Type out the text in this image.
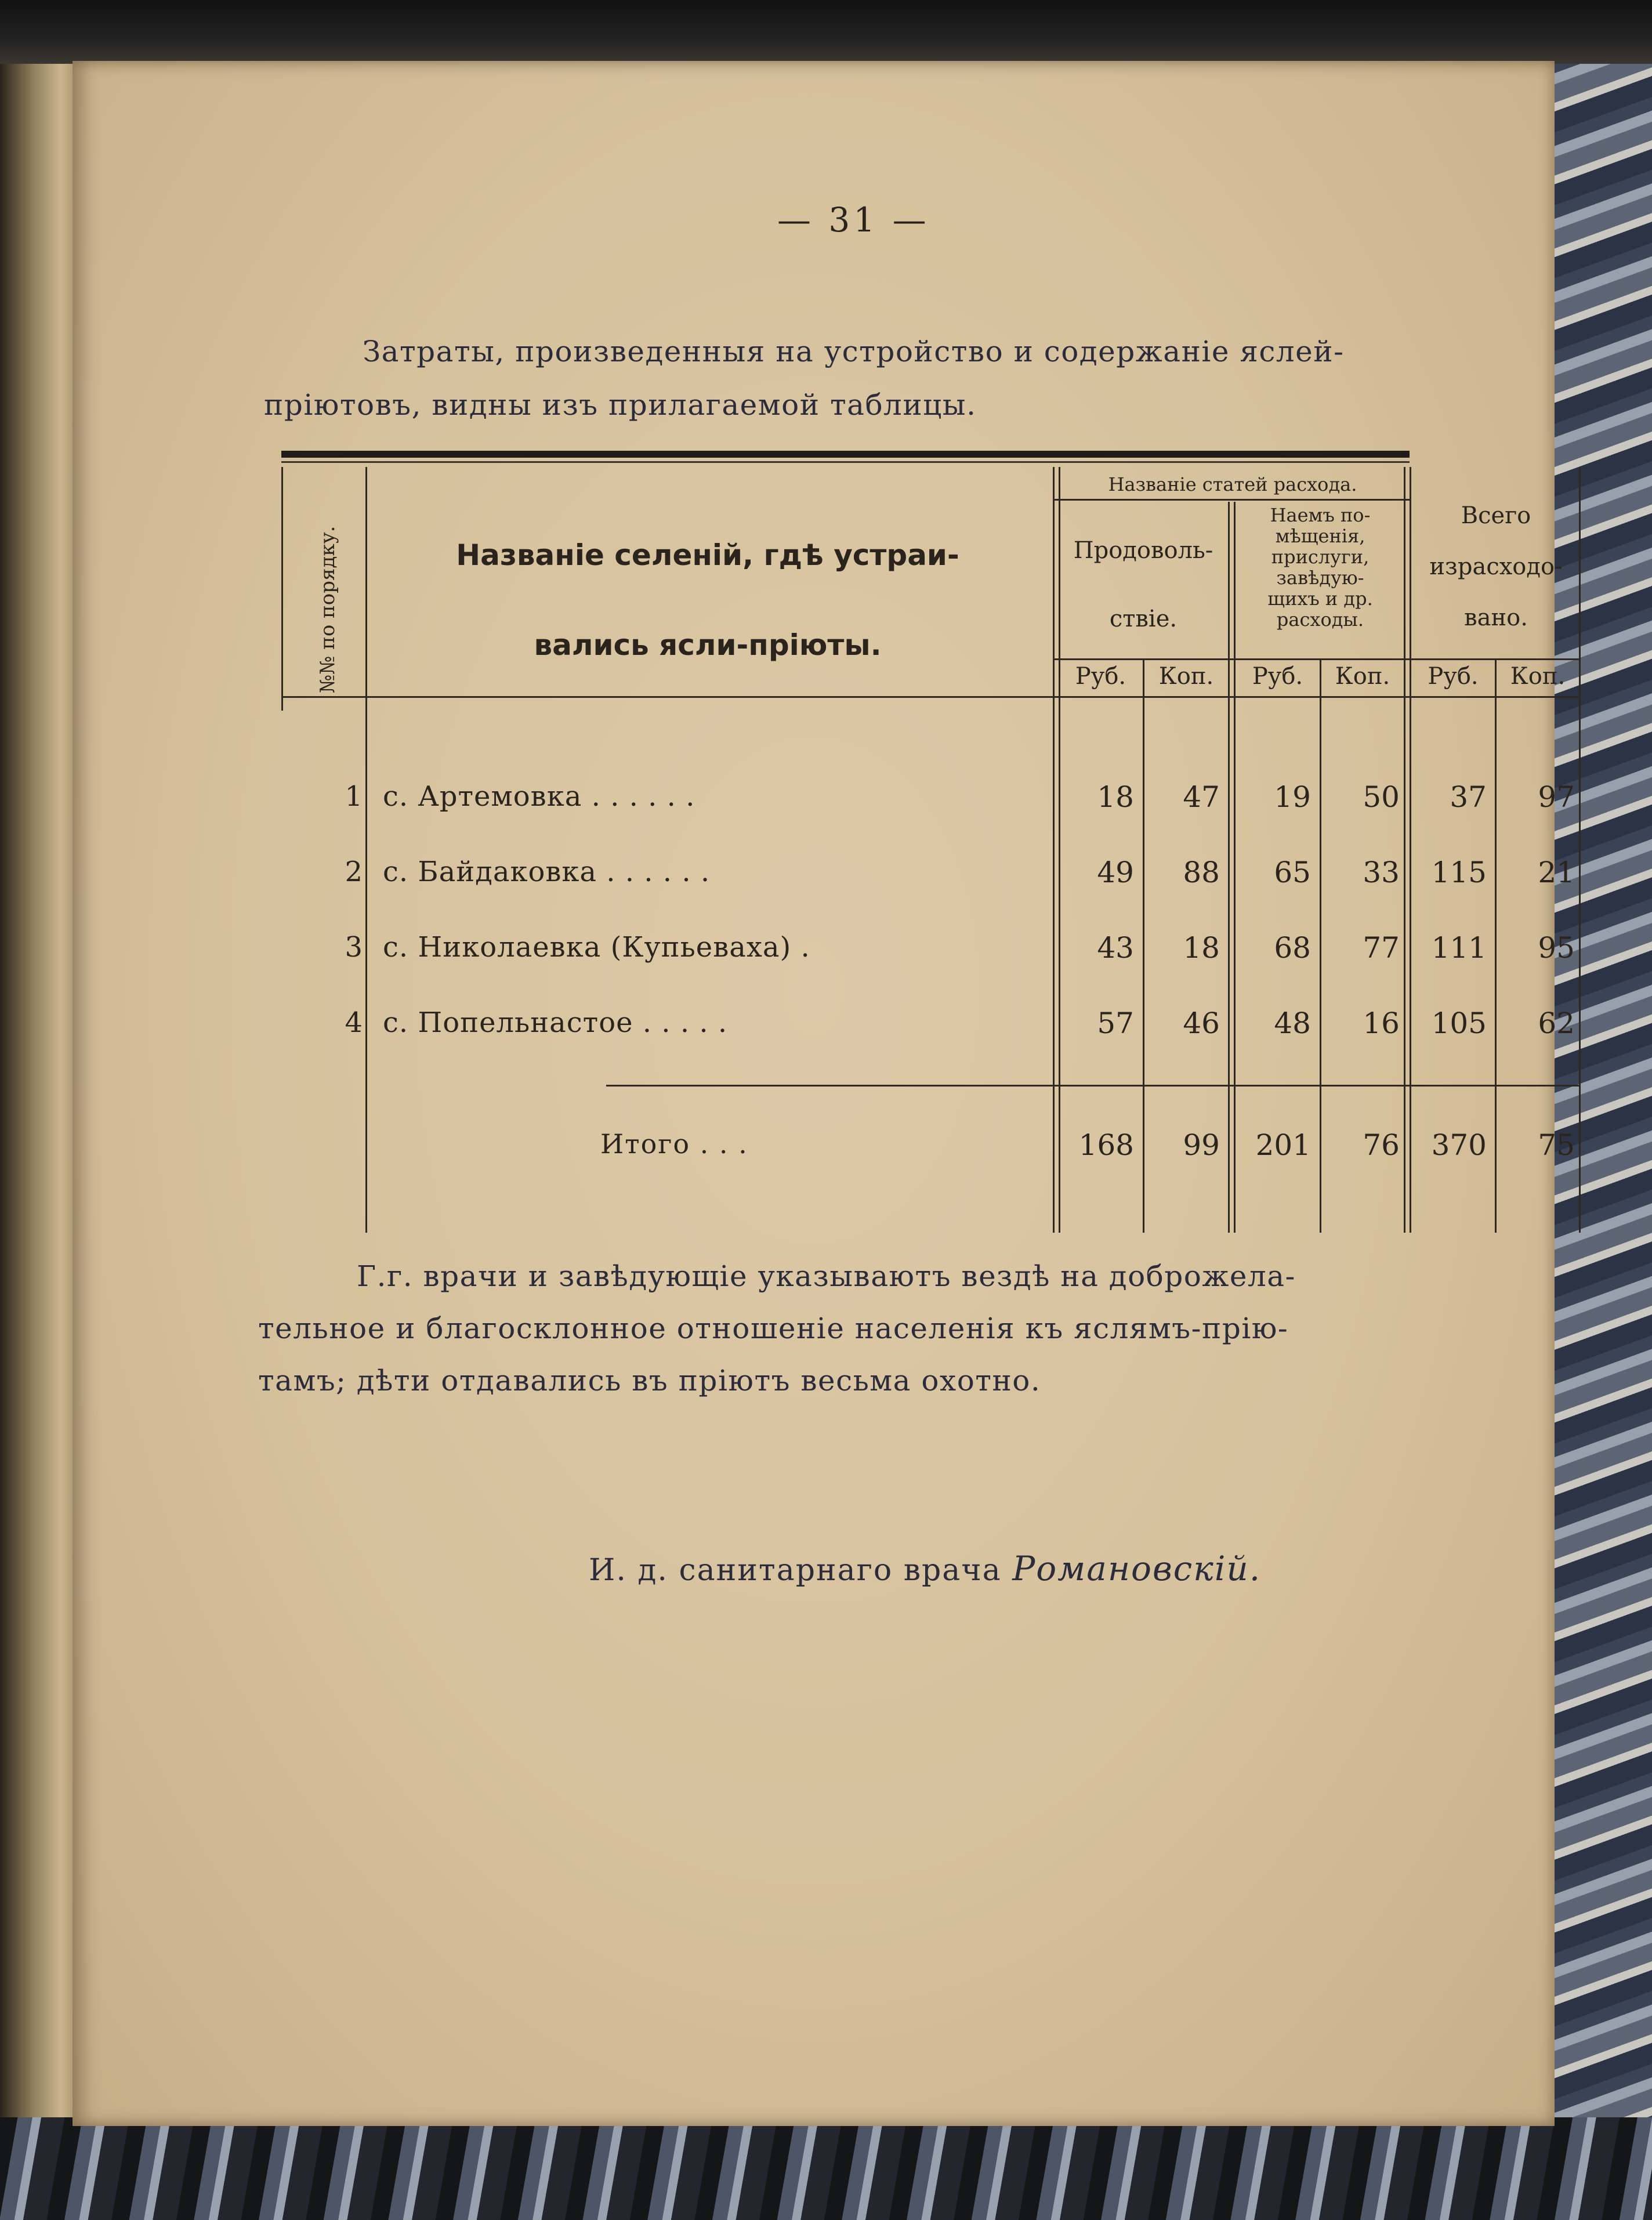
— 31 —
Затраты, произведенныя на устройство и содержаніе яслей-
пріютовъ, видны изъ прилагаемой таблицы.
№№ по порядку.	Названіе селеній, гдѣ устраи-
вались ясли-пріюты.
Названіе статей расхода.
Продоволь-
ствіе.
Наемъ по-
мѣщенія,
прислуги,
завѣдую-
щихъ и др.
расходы.
Всего
израсходо-
вано.
Руб.	Коп.	Руб.	Коп.	Руб.	Коп.
1 с. Артемовка . . . . . .	18	47	19	50	37	97
2 с. Байдаковка . . . . . .	49	88	65	33	115	21
3 с. Николаевка (Купьеваха) .	43	18	68	77	111	95
4 с. Попельнастое . . . . .	57	46	48	16	105	62
Итого . . .	168	99	201	76	370	75
Г.г. врачи и завѣдующіе указываютъ вездѣ на доброжела-
тельное и благосклонное отношеніе населенія къ яслямъ-прію-
тамъ; дѣти отдавались въ пріютъ весьма охотно.
И. д. санитарнаго врача Романовскій.
